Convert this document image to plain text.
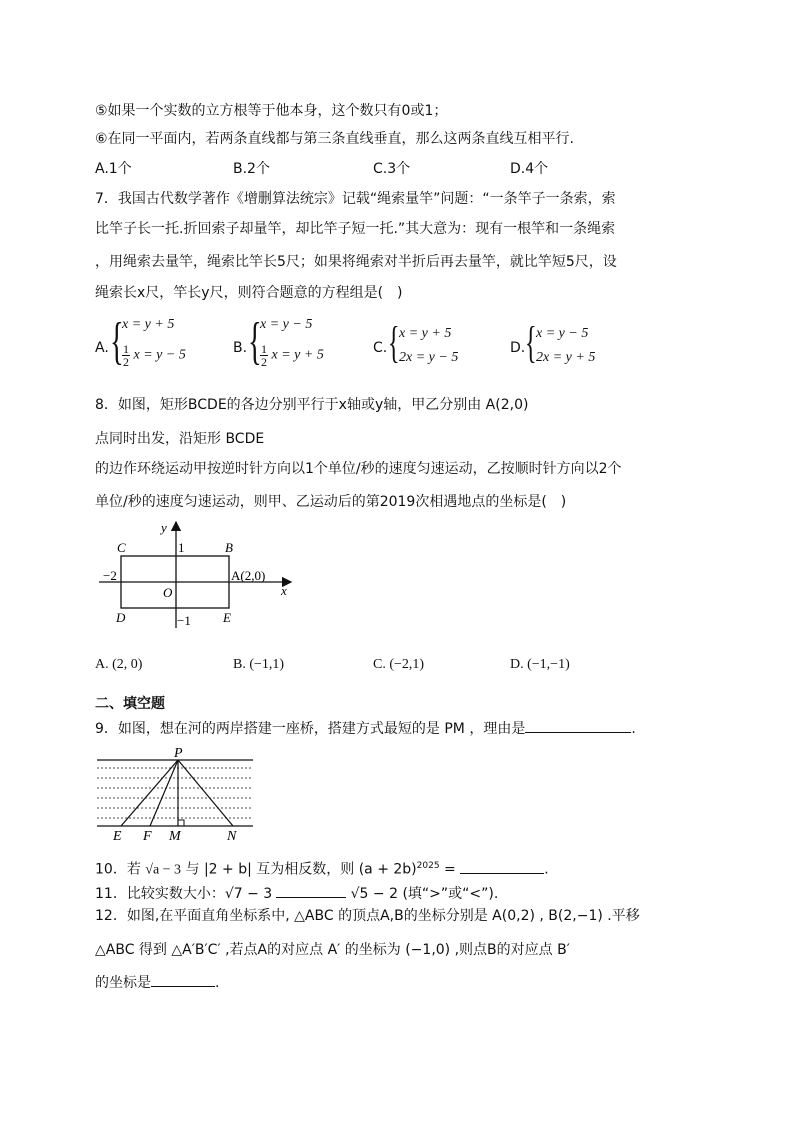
⑤如果一个实数的立方根等于他本身，这个数只有0或1；
⑥在同一平面内，若两条直线都与第三条直线垂直，那么这两条直线互相平行.
A.1个	B.2个	C.3个	D.4个
7．我国古代数学著作《增删算法统宗》记载“绳索量竿”问题：“一条竿子一条索，索
比竿子长一托.折回索子却量竿，却比竿子短一托.”其大意为：现有一根竿和一条绳索
，用绳索去量竿，绳索比竿长5尺；如果将绳索对半折后再去量竿，就比竿短5尺，设
绳索长x尺，竿长y尺，则符合题意的方程组是(　)
A. {
x = y + 5
$\frac{1}{2}$ x = y − 5	B. {
x = y − 5
$\frac{1}{2}$ x = y + 5	C. { x = y + 5
2x = y − 5
D. { x = y − 5
2x = y + 5
8．如图，矩形BCDE的各边分别平行于x轴或y轴，甲乙分别由 A(2,0)
点同时出发，沿矩形 BCDE
的边作环绕运动甲按逆时针方向以1个单位/秒的速度匀速运动，乙按顺时针方向以2个
单位/秒的速度匀速运动，则甲、乙运动后的第2019次相遇地点的坐标是(　)
y
x
C	B
D	E
O
1
−1
−2	A(2,0)
A. (2, 0)	B. (−1,1)	C. (−2,1)	D. (−1,−1)
二、填空题
9．如图，想在河的两岸搭建一座桥，搭建方式最短的是 PM ，理由是	.
P
E F M	N
10．若 √a − 3 与 |2 + b| 互为相反数，则 $(a + 2b)^{2025}$ =	.
11．比较实数大小：√7 − 3	√5 − 2 (填“>”或“<”).
12．如图,在平面直角坐标系中, △ABC 的顶点A,B的坐标分别是 A(0,2) , B(2,−1) .平移
△ABC 得到 △A′B′C′ ,若点A的对应点 A′ 的坐标为 (−1,0) ,则点B的对应点 B′
的坐标是	.
